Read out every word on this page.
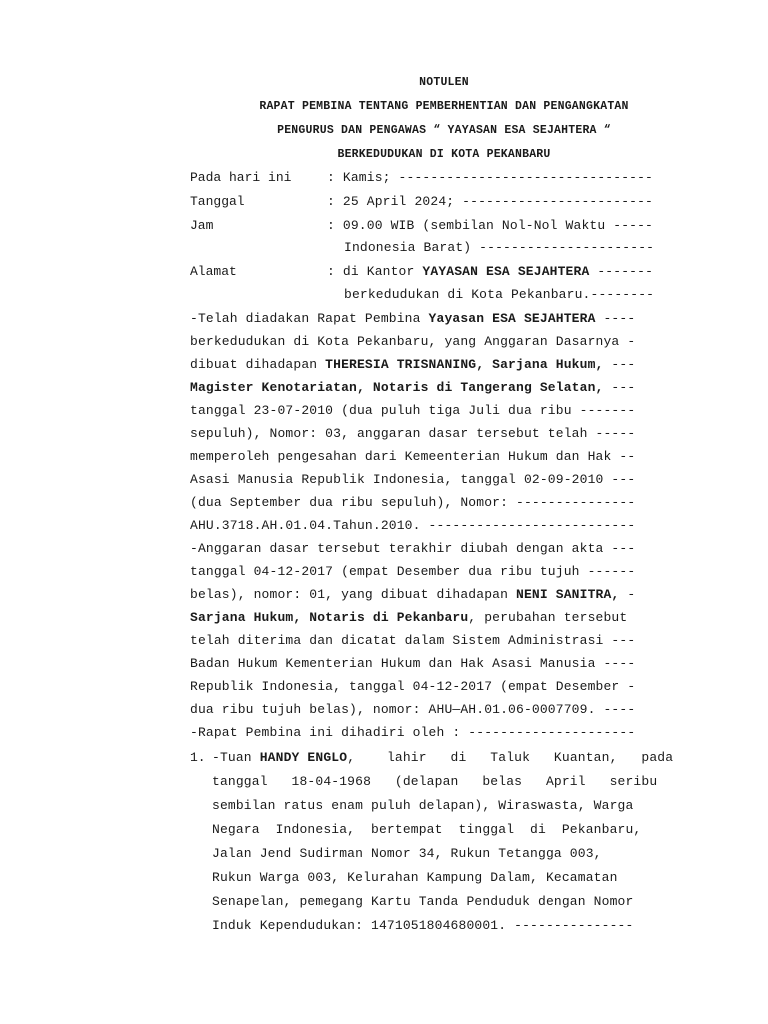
NOTULEN
RAPAT PEMBINA TENTANG PEMBERHENTIAN DAN PENGANGKATAN
PENGURUS DAN PENGAWAS “ YAYASAN ESA SEJAHTERA “
BERKEDUDUKAN DI KOTA PEKANBARU
Pada hari ini	: Kamis; --------------------------------
Tanggal	: 25 April 2024; ------------------------
Jam	: 09.00 WIB (sembilan Nol-Nol Waktu -----
Indonesia Barat) ----------------------
Alamat	: di Kantor YAYASAN ESA SEJAHTERA -------
berkedudukan di Kota Pekanbaru.--------
-Telah diadakan Rapat Pembina Yayasan ESA SEJAHTERA ----
berkedudukan di Kota Pekanbaru, yang Anggaran Dasarnya -
dibuat dihadapan THERESIA TRISNANING, Sarjana Hukum, ---
Magister Kenotariatan, Notaris di Tangerang Selatan, ---
tanggal 23-07-2010 (dua puluh tiga Juli dua ribu -------
sepuluh), Nomor: 03, anggaran dasar tersebut telah -----
memperoleh pengesahan dari Kemeenterian Hukum dan Hak --
Asasi Manusia Republik Indonesia, tanggal 02-09-2010 ---
(dua September dua ribu sepuluh), Nomor: ---------------
AHU.3718.AH.01.04.Tahun.2010. --------------------------
-Anggaran dasar tersebut terakhir diubah dengan akta ---
tanggal 04-12-2017 (empat Desember dua ribu tujuh ------
belas), nomor: 01, yang dibuat dihadapan NENI SANITRA, -
Sarjana Hukum, Notaris di Pekanbaru, perubahan tersebut
telah diterima dan dicatat dalam Sistem Administrasi ---
Badan Hukum Kementerian Hukum dan Hak Asasi Manusia ----
Republik Indonesia, tanggal 04-12-2017 (empat Desember -
dua ribu tujuh belas), nomor: AHU—AH.01.06-0007709. ----
-Rapat Pembina ini dihadiri oleh : ---------------------
1. -Tuan HANDY ENGLO,    lahir   di   Taluk   Kuantan,   pada
tanggal   18-04-1968   (delapan   belas   April   seribu
sembilan ratus enam puluh delapan), Wiraswasta, Warga
Negara  Indonesia,  bertempat  tinggal  di  Pekanbaru,
Jalan Jend Sudirman Nomor 34, Rukun Tetangga 003,
Rukun Warga 003, Kelurahan Kampung Dalam, Kecamatan
Senapelan, pemegang Kartu Tanda Penduduk dengan Nomor
Induk Kependudukan: 1471051804680001. ---------------
